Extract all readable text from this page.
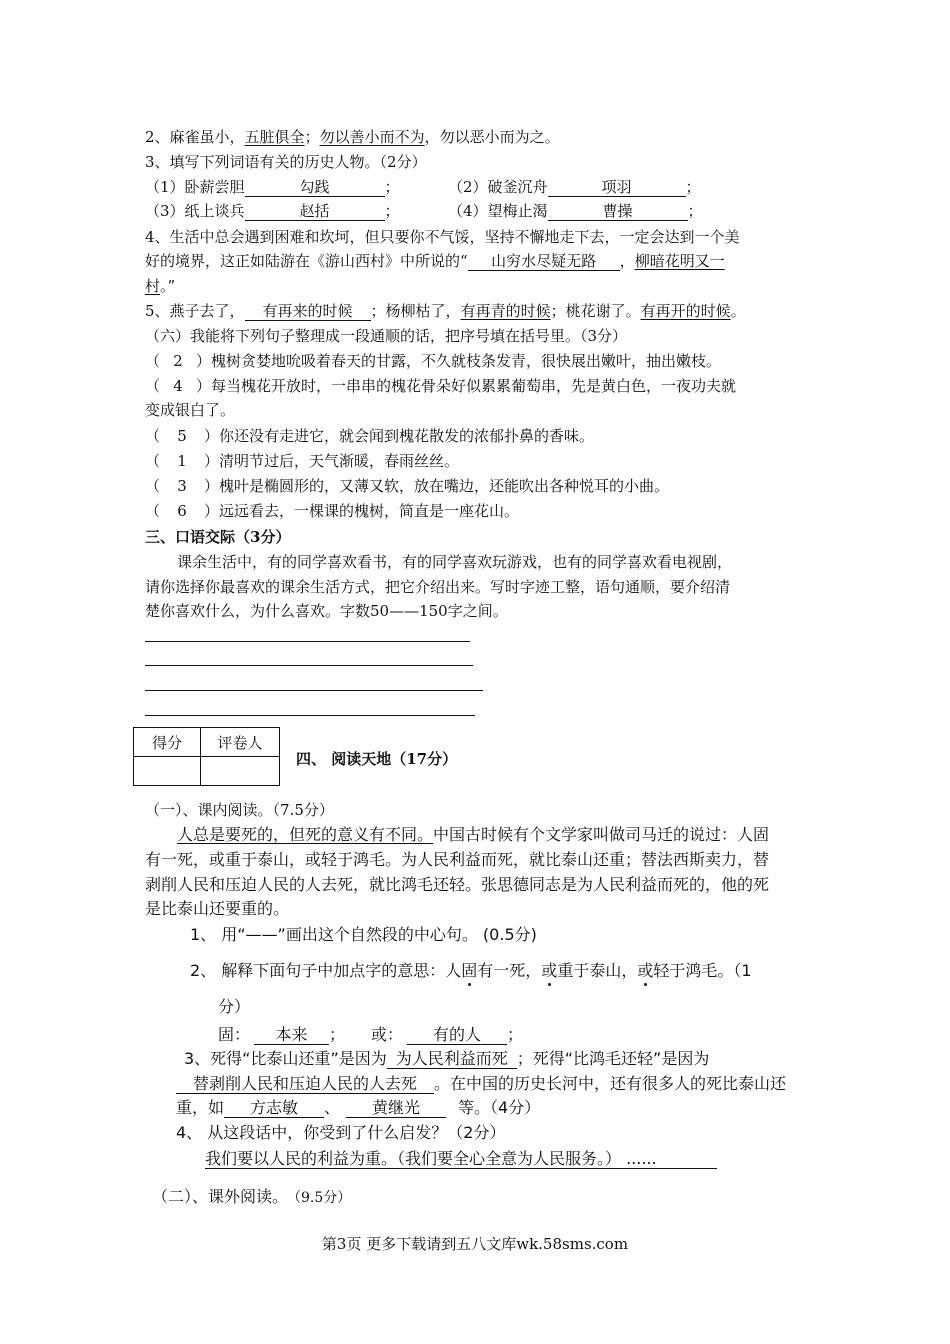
2、麻雀虽小，五脏俱全；勿以善小而不为，勿以恶小而为之。
3、填写下列词语有关的历史人物。（2分）
（1）卧薪尝胆	勾践	；	（2）破釜沉舟	项羽	；
（3）纸上谈兵	赵括	；	（4）望梅止渴	曹操	；
4、生活中总会遇到困难和坎坷，但只要你不气馁，坚持不懈地走下去，一定会达到一个美
好的境界，这正如陆游在《游山西村》中所说的“ 山穷水尽疑无路 ，柳暗花明又一
村。”
5、燕子去了， 有再来的时候 ；杨柳枯了，有再青的时候；桃花谢了。有再开的时候。
（六）我能将下列句子整理成一段通顺的话，把序号填在括号里。（3分）
（ 2 ）槐树贪婪地吮吸着春天的甘露，不久就枝条发青，很快展出嫩叶，抽出嫩枝。
（ 4 ）每当槐花开放时，一串串的槐花骨朵好似累累葡萄串，先是黄白色，一夜功夫就
变成银白了。
（ 5 ）你还没有走进它，就会闻到槐花散发的浓郁扑鼻的香味。
（ 1 ）清明节过后，天气渐暖，春雨丝丝。
（ 3 ）槐叶是椭圆形的，又薄又软，放在嘴边，还能吹出各种悦耳的小曲。
（ 6 ）远远看去，一棵课的槐树，简直是一座花山。
三、口语交际（3分）
课余生活中，有的同学喜欢看书，有的同学喜欢玩游戏，也有的同学喜欢看电视剧，
请你选择你最喜欢的课余生活方式，把它介绍出来。写时字迹工整，语句通顺，要介绍清
楚你喜欢什么，为什么喜欢。字数50——150字之间。
得分	评卷人

四、 阅读天地（17分）
（一）、课内阅读。（7.5分）
人总是要死的，但死的意义有不同。中国古时候有个文学家叫做司马迁的说过：人固
有一死，或重于泰山，或轻于鸿毛。为人民利益而死，就比泰山还重；替法西斯卖力，替
剥削人民和压迫人民的人去死，就比鸿毛还轻。张思德同志是为人民利益而死的，他的死
是比泰山还要重的。
1、 用“——”画出这个自然段的中心句。 (0.5分)
2、 解释下面句子中加点字的意思：人固有一死，或重于泰山，或轻于鸿毛。（1
分）
固： 本来 ； 或： 有的人 ；
3、死得“比泰山还重”是因为 为人民利益而死 ；死得“比鸿毛还轻”是因为
替剥削人民和压迫人民的人去死 。在中国的历史长河中，还有很多人的死比泰山还
重，如 方志敏 、 黄继光 等。（4分）
4、 从这段话中，你受到了什么启发？（2分）
我们要以人民的利益为重。（我们要全心全意为人民服务。） ......
（二）、课外阅读。 （9.5分）
第3页 更多下载请到五八文库wk.58sms.com
